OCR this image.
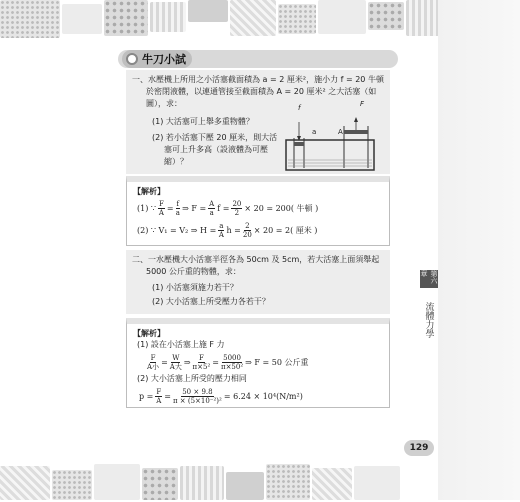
牛刀小試
一、水壓機上所用之小活塞截面積為 a = 2 厘米²，施小力 f = 20 牛頓於密閉液體，以連通管接至截面積為 A = 20 厘米² 之大活塞（如圖），求：
(1) 大活塞可上舉多重物體？
(2) 若小活塞下壓 20 厘米，則大活塞可上升多高（設液體為可壓縮）？
f	F
a	A
【解析】
(1) ∵ $\frac{F}{A} = \frac{f}{a}$ ⇒ $F = \frac{A}{a}$ $f = \frac{20}{2} \times 20 = 200$( 牛頓 )
(2) ∵ V₁ = V₂ ⇒ $H = \frac{a}{A}$ $h = \frac{2}{20} \times 20 = 2$( 厘米 )
二、一水壓機大小活塞半徑各為 50cm 及 5cm，若大活塞上面須舉起 5000 公斤重的物體，求：
(1) 小活塞須施力若干？
(2) 大小活塞上所受壓力各若干？
【解析】
(1) 設在小活塞上施 F 力
$\frac{F}{\text{A小}} = \frac{W}{\text{A大}}$ ⇒ $\frac{F}{\text{π×5²}} = \frac{5000}{\text{π×50²}}$ ⇒ F = 50 公斤重
(2) 大小活塞上所受的壓力相同
$p = \frac{F}{A} = \frac{50 \times 9.8}{\text{π × (5×10⁻²)²}} = 6.24 \times 10^4(N/m^2)$
第六章
流體力學
129
